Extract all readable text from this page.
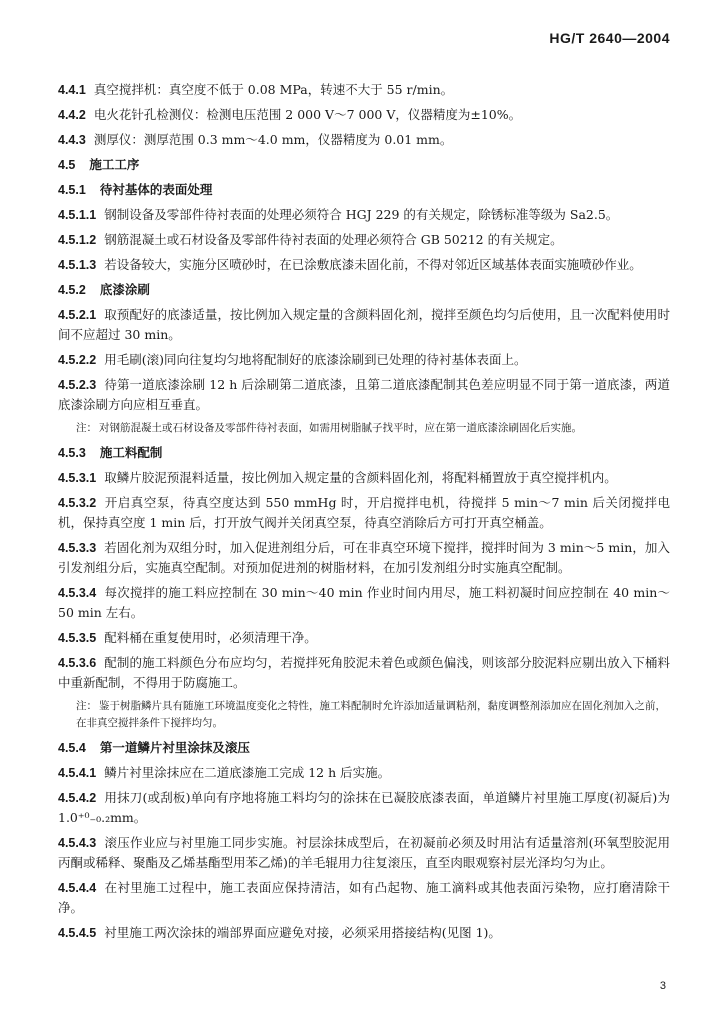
HG/T 2640—2004
4.4.1 真空搅拌机：真空度不低于 0.08 MPa，转速不大于 55 r/min。
4.4.2 电火花针孔检测仪：检测电压范围 2 000 V～7 000 V，仪器精度为±10%。
4.4.3 测厚仪：测厚范围 0.3 mm～4.0 mm，仪器精度为 0.01 mm。
4.5 施工工序
4.5.1 待衬基体的表面处理
4.5.1.1 钢制设备及零部件待衬表面的处理必须符合 HGJ 229 的有关规定，除锈标准等级为 Sa2.5。
4.5.1.2 钢筋混凝土或石材设备及零部件待衬表面的处理必须符合 GB 50212 的有关规定。
4.5.1.3 若设备较大，实施分区喷砂时，在已涂敷底漆未固化前，不得对邻近区域基体表面实施喷砂作业。
4.5.2 底漆涂刷
4.5.2.1 取预配好的底漆适量，按比例加入规定量的含颜料固化剂，搅拌至颜色均匀后使用，且一次配料使用时间不应超过 30 min。
4.5.2.2 用毛刷(滚)同向往复均匀地将配制好的底漆涂刷到已处理的待衬基体表面上。
4.5.2.3 待第一道底漆涂刷 12 h 后涂刷第二道底漆，且第二道底漆配制其色差应明显不同于第一道底漆，两道底漆涂刷方向应相互垂直。
注： 对钢筋混凝土或石材设备及零部件待衬表面，如需用树脂腻子找平时，应在第一道底漆涂刷固化后实施。
4.5.3 施工料配制
4.5.3.1 取鳞片胶泥预混料适量，按比例加入规定量的含颜料固化剂，将配料桶置放于真空搅拌机内。
4.5.3.2 开启真空泵，待真空度达到 550 mmHg 时，开启搅拌电机，待搅拌 5 min～7 min 后关闭搅拌电机，保持真空度 1 min 后，打开放气阀并关闭真空泵，待真空消除后方可打开真空桶盖。
4.5.3.3 若固化剂为双组分时，加入促进剂组分后，可在非真空环境下搅拌，搅拌时间为 3 min～5 min，加入引发剂组分后，实施真空配制。对预加促进剂的树脂材料，在加引发剂组分时实施真空配制。
4.5.3.4 每次搅拌的施工料应控制在 30 min～40 min 作业时间内用尽，施工料初凝时间应控制在 40 min～50 min 左右。
4.5.3.5 配料桶在重复使用时，必须清理干净。
4.5.3.6 配制的施工料颜色分布应均匀，若搅拌死角胶泥未着色或颜色偏浅，则该部分胶泥料应剔出放入下桶料中重新配制，不得用于防腐施工。
注： 鉴于树脂鳞片具有随施工环境温度变化之特性，施工料配制时允许添加适量调粘剂，黏度调整剂添加应在固化剂加入之前，在非真空搅拌条件下搅拌均匀。
4.5.4 第一道鳞片衬里涂抹及滚压
4.5.4.1 鳞片衬里涂抹应在二道底漆施工完成 12 h 后实施。
4.5.4.2 用抹刀(或刮板)单向有序地将施工料均匀的涂抹在已凝胶底漆表面，单道鳞片衬里施工厚度(初凝后)为 1.0⁺⁰₋₀.₂mm。
4.5.4.3 滚压作业应与衬里施工同步实施。衬层涂抹成型后，在初凝前必须及时用沾有适量溶剂(环氧型胶泥用丙酮或稀释、聚酯及乙烯基酯型用苯乙烯)的羊毛辊用力往复滚压，直至肉眼观察衬层光泽均匀为止。
4.5.4.4 在衬里施工过程中，施工表面应保持清洁，如有凸起物、施工滴料或其他表面污染物，应打磨清除干净。
4.5.4.5 衬里施工两次涂抹的端部界面应避免对接，必须采用搭接结构(见图 1)。
3
